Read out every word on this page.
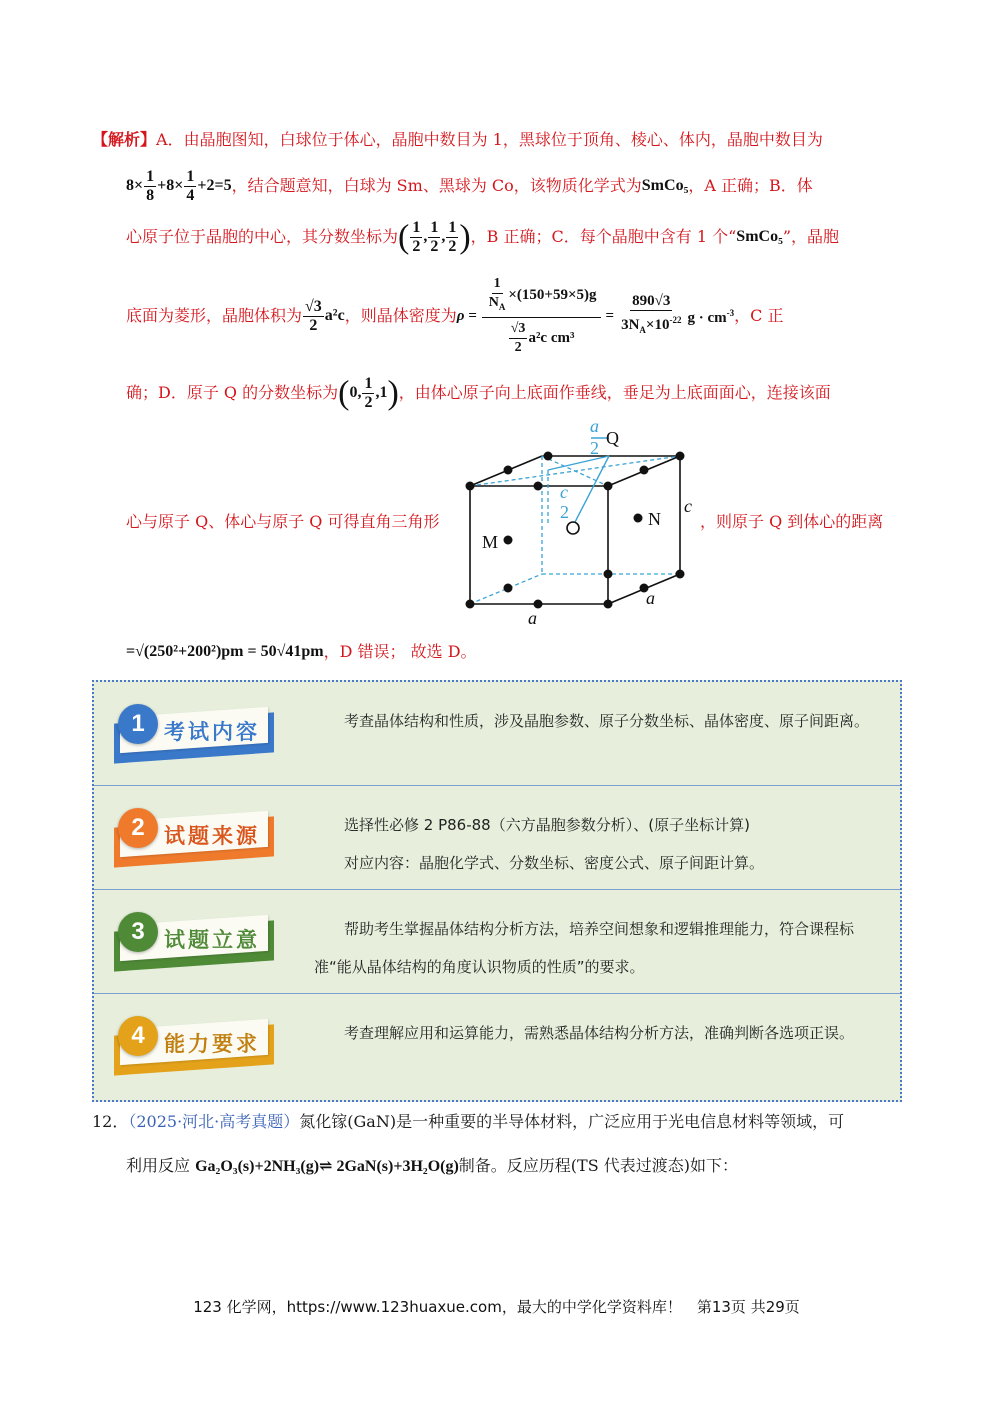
【解析】A．由晶胞图知，白球位于体心，晶胞中数目为 1，黑球位于顶角、棱心、体内，晶胞中数目为
$8\times \frac{1}{8} +8\times \frac{1}{4} +2=5$ ，结合题意知，白球为 Sm、黑球为 Co，该物质化学式为 SmCo₅ ，A 正确；B．体
心原子位于晶胞的中心，其分数坐标为 ( $\frac{1}{2}$ , $\frac{1}{2}$ , $\frac{1}{2}$ ) ，B 正确；C．每个晶胞中含有 1 个“ SmCo₅ ”，晶胞
底面为菱形，晶胞体积为 $\frac{√3}{2} a^2c$ ，则晶体密度为 $\rho = \frac{\frac{1}{N_A} \times(150+59\times 5)g}{\frac{√3}{2} a^2c cm^3} = \frac{890√3}{3N_A\times 10^{-22}}$ $g \cdot cm^{-3}$ ，C 正
确；D．原子 Q 的分数坐标为 (0, $\frac{1}{2} ,1$) ，由体心原子向上底面作垂线，垂足为上底面面心，连接该面
心与原子 Q、体心与原子 Q 可得直角三角形	，则原子 Q 到体心的距离
a
2 Q
c
2	N
c
M
a
a
=√(250²+200²)pm = 50√41pm ，D 错误； 故选 D。
1 考试内容	考查晶体结构和性质，涉及晶胞参数、原子分数坐标、晶体密度、原子间距离。

2 试题来源	选择性必修 2 P86-88（六方晶胞参数分析）、(原子坐标计算)

对应内容：晶胞化学式、分数坐标、密度公式、原子间距计算。

3 试题立意	帮助考生掌握晶体结构分析方法，培养空间想象和逻辑推理能力，符合课程标准“能从晶体结构的角度认识物质的性质”的要求。

4 能力要求	考查理解应用和运算能力，需熟悉晶体结构分析方法，准确判断各选项正误。

12．（2025·河北·高考真题）氮化镓(GaN)是一种重要的半导体材料，广泛应用于光电信息材料等领域，可
利用反应 Ga₂O₃(s)+2NH₃(g)⇌ 2GaN(s)+3H₂O(g)制备。反应历程(TS 代表过渡态)如下：
123 化学网，https://www.123huaxue.com，最大的中学化学资料库！　第13页 共29页
